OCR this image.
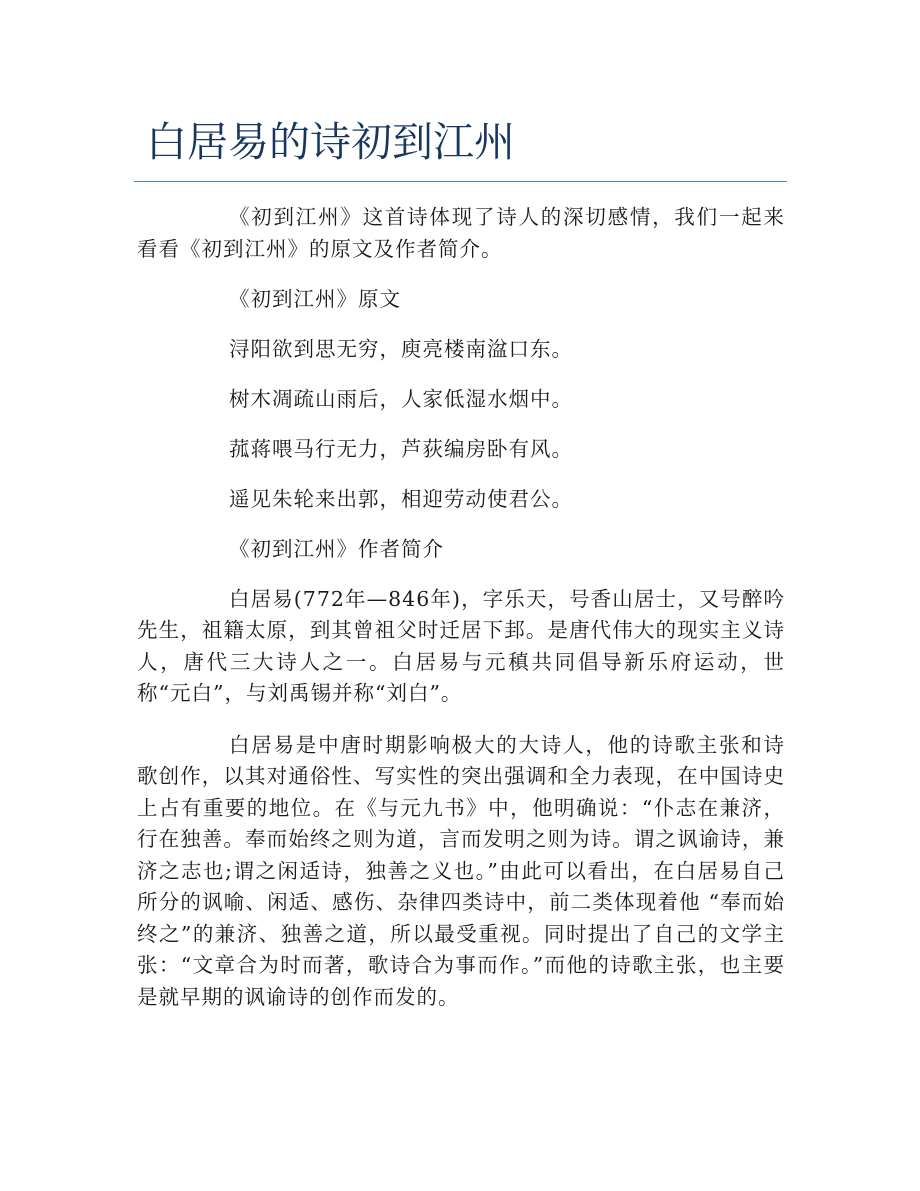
白居易的诗初到江州

《初到江州》这首诗体现了诗人的深切感情，我们一起来看看《初到江州》的原文及作者简介。

《初到江州》原文

浔阳欲到思无穷，庾亮楼南湓口东。

树木凋疏山雨后，人家低湿水烟中。

菰蒋喂马行无力，芦荻编房卧有风。

遥见朱轮来出郭，相迎劳动使君公。

《初到江州》作者简介

白居易(772年—846年)，字乐天，号香山居士，又号醉吟先生，祖籍太原，到其曾祖父时迁居下邽。是唐代伟大的现实主义诗人，唐代三大诗人之一。白居易与元稹共同倡导新乐府运动，世称“元白”，与刘禹锡并称“刘白”。

白居易是中唐时期影响极大的大诗人，他的诗歌主张和诗歌创作，以其对通俗性、写实性的突出强调和全力表现，在中国诗史上占有重要的地位。在《与元九书》中，他明确说：“仆志在兼济，行在独善。奉而始终之则为道，言而发明之则为诗。谓之讽谕诗，兼济之志也;谓之闲适诗，独善之义也。”由此可以看出，在白居易自己所分的讽喻、闲适、感伤、杂律四类诗中，前二类体现着他 “奉而始终之”的兼济、独善之道，所以最受重视。同时提出了自己的文学主张：“文章合为时而著，歌诗合为事而作。”而他的诗歌主张，也主要是就早期的讽谕诗的创作而发的。
